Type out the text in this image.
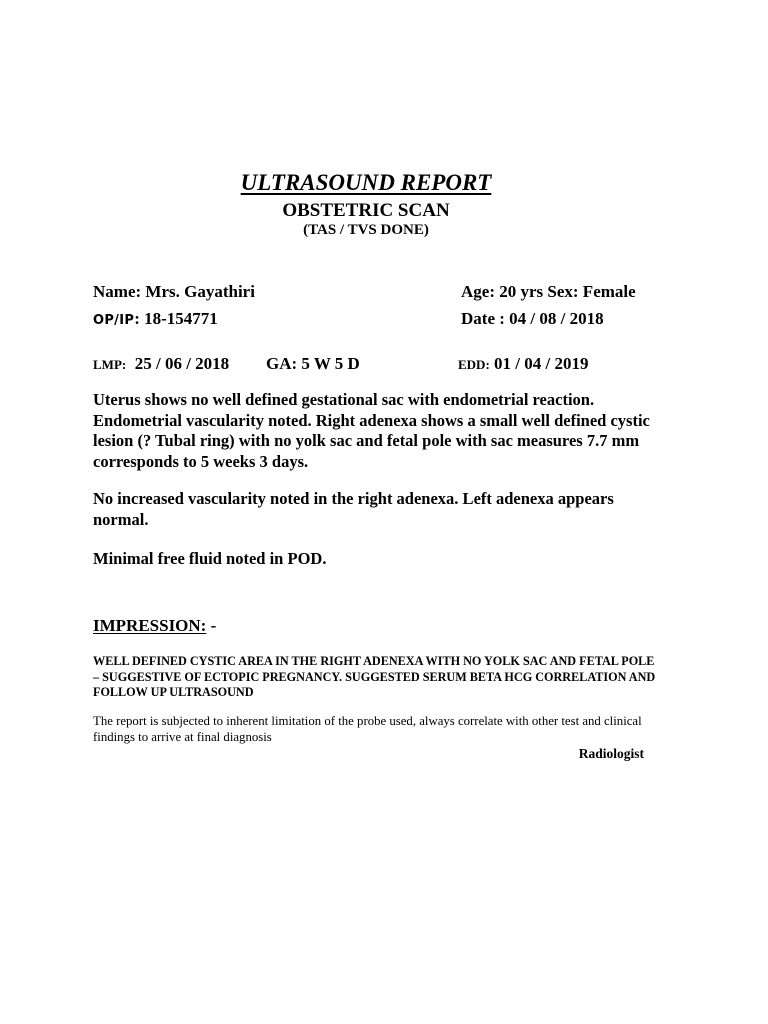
ULTRASOUND REPORT
OBSTETRIC SCAN
(TAS / TVS DONE)
Name: Mrs. Gayathiri	Age: 20 yrs Sex: Female
OP/IP: 18-154771	Date : 04 / 08 / 2018
LMP: 25 / 06 / 2018 GA: 5 W 5 D	EDD: 01 / 04 / 2019
Uterus shows no well defined gestational sac with endometrial reaction. Endometrial vascularity noted. Right adenexa shows a small well defined cystic lesion (? Tubal ring) with no yolk sac and fetal pole with sac measures 7.7 mm corresponds to 5 weeks 3 days.
No increased vascularity noted in the right adenexa. Left adenexa appears normal.
Minimal free fluid noted in POD.
IMPRESSION: -
WELL DEFINED CYSTIC AREA IN THE RIGHT ADENEXA WITH NO YOLK SAC AND FETAL POLE – SUGGESTIVE OF ECTOPIC PREGNANCY. SUGGESTED SERUM BETA HCG CORRELATION AND FOLLOW UP ULTRASOUND
The report is subjected to inherent limitation of the probe used, always correlate with other test and clinical findings to arrive at final diagnosis
Radiologist
